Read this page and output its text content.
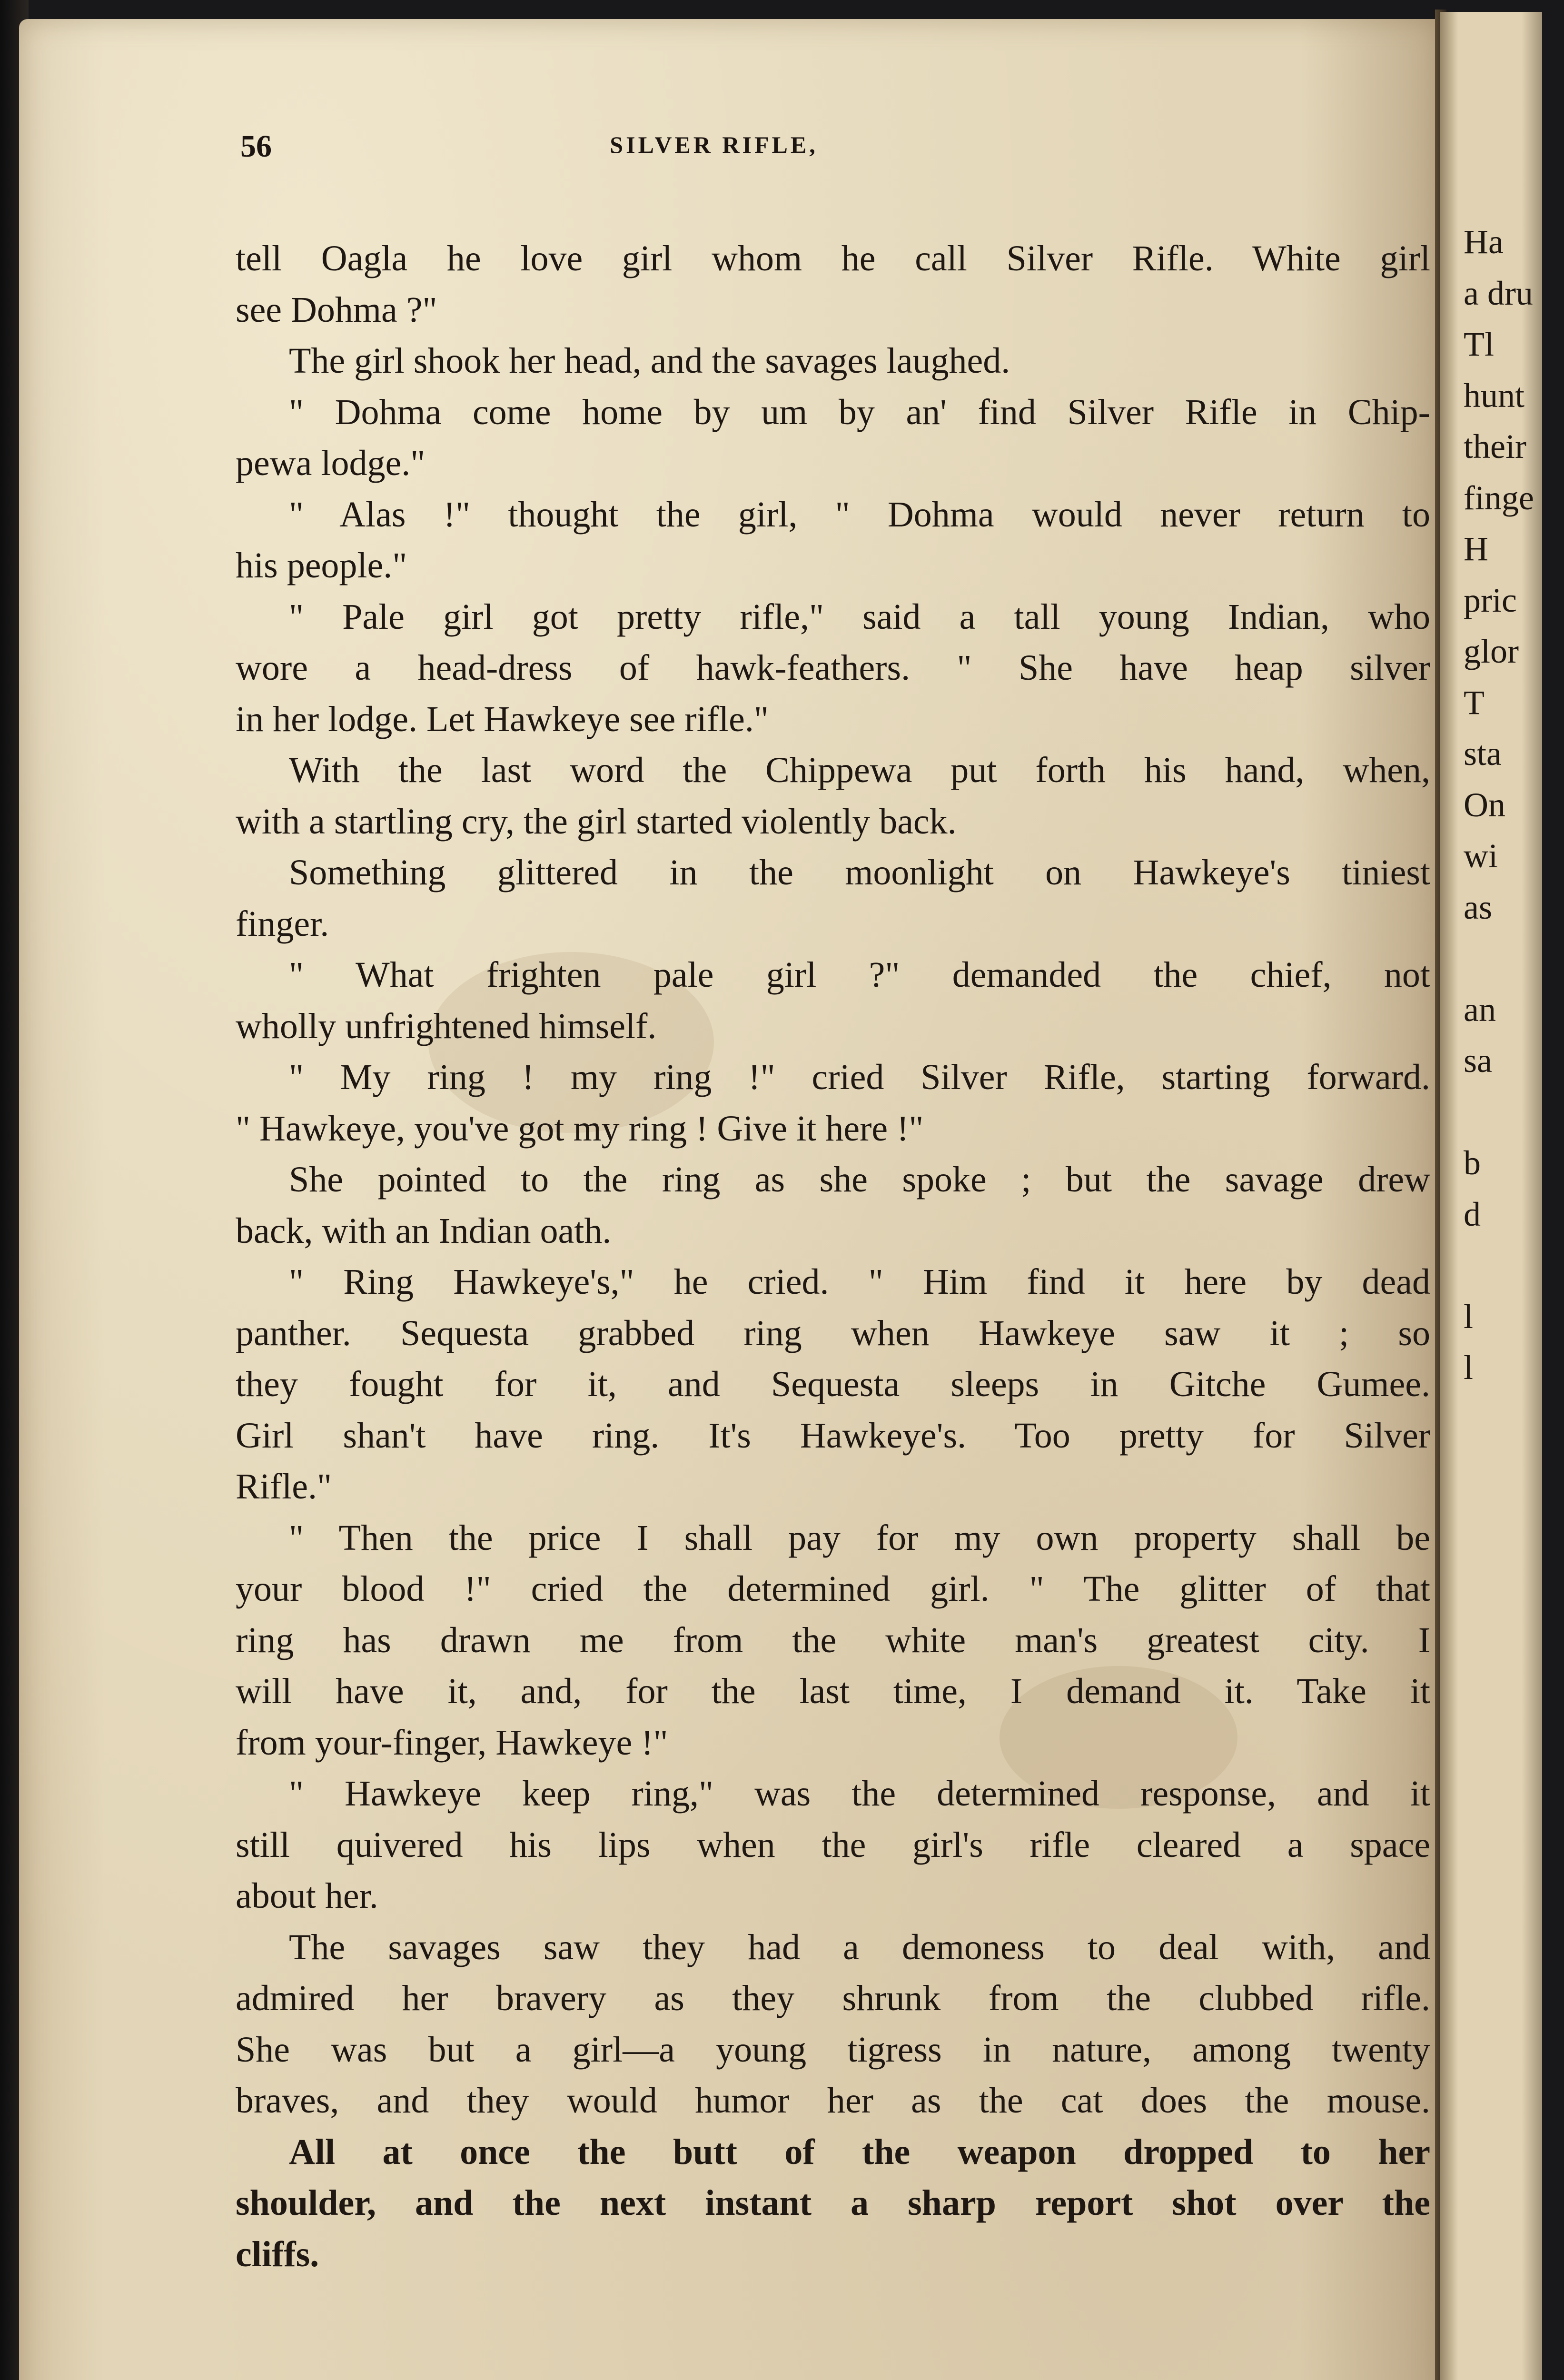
56	SILVER RIFLE,
tell Oagla he love girl whom he call Silver Rifle. White girl
see Dohma ?"
The girl shook her head, and the savages laughed.
" Dohma come home by um by an' find Silver Rifle in Chip-
pewa lodge."
" Alas !" thought the girl, " Dohma would never return to
his people."
" Pale girl got pretty rifle," said a tall young Indian, who
wore a head-dress of hawk-feathers. " She have heap silver
in her lodge. Let Hawkeye see rifle."
With the last word the Chippewa put forth his hand, when,
with a startling cry, the girl started violently back.
Something glittered in the moonlight on Hawkeye's tiniest
finger.
" What frighten pale girl ?" demanded the chief, not
wholly unfrightened himself.
" My ring ! my ring !" cried Silver Rifle, starting forward.
" Hawkeye, you've got my ring ! Give it here !"
She pointed to the ring as she spoke ; but the savage drew
back, with an Indian oath.
" Ring Hawkeye's," he cried. " Him find it here by dead
panther. Sequesta grabbed ring when Hawkeye saw it ; so
they fought for it, and Sequesta sleeps in Gitche Gumee.
Girl shan't have ring. It's Hawkeye's. Too pretty for Silver
Rifle."
" Then the price I shall pay for my own property shall be
your blood !" cried the determined girl. " The glitter of that
ring has drawn me from the white man's greatest city. I
will have it, and, for the last time, I demand it. Take it
from your-finger, Hawkeye !"
" Hawkeye keep ring," was the determined response, and it
still quivered his lips when the girl's rifle cleared a space
about her.
The savages saw they had a demoness to deal with, and
admired her bravery as they shrunk from the clubbed rifle.
She was but a girl—a young tigress in nature, among twenty
braves, and they would humor her as the cat does the mouse.
All at once the butt of the weapon dropped to her
shoulder, and the next instant a sharp report shot over the
cliffs.
Ha
a dru
Tl
hunt
their
finge
H
pric
glor
T
sta
On
wi
as
an
sa
b
d
l
l
